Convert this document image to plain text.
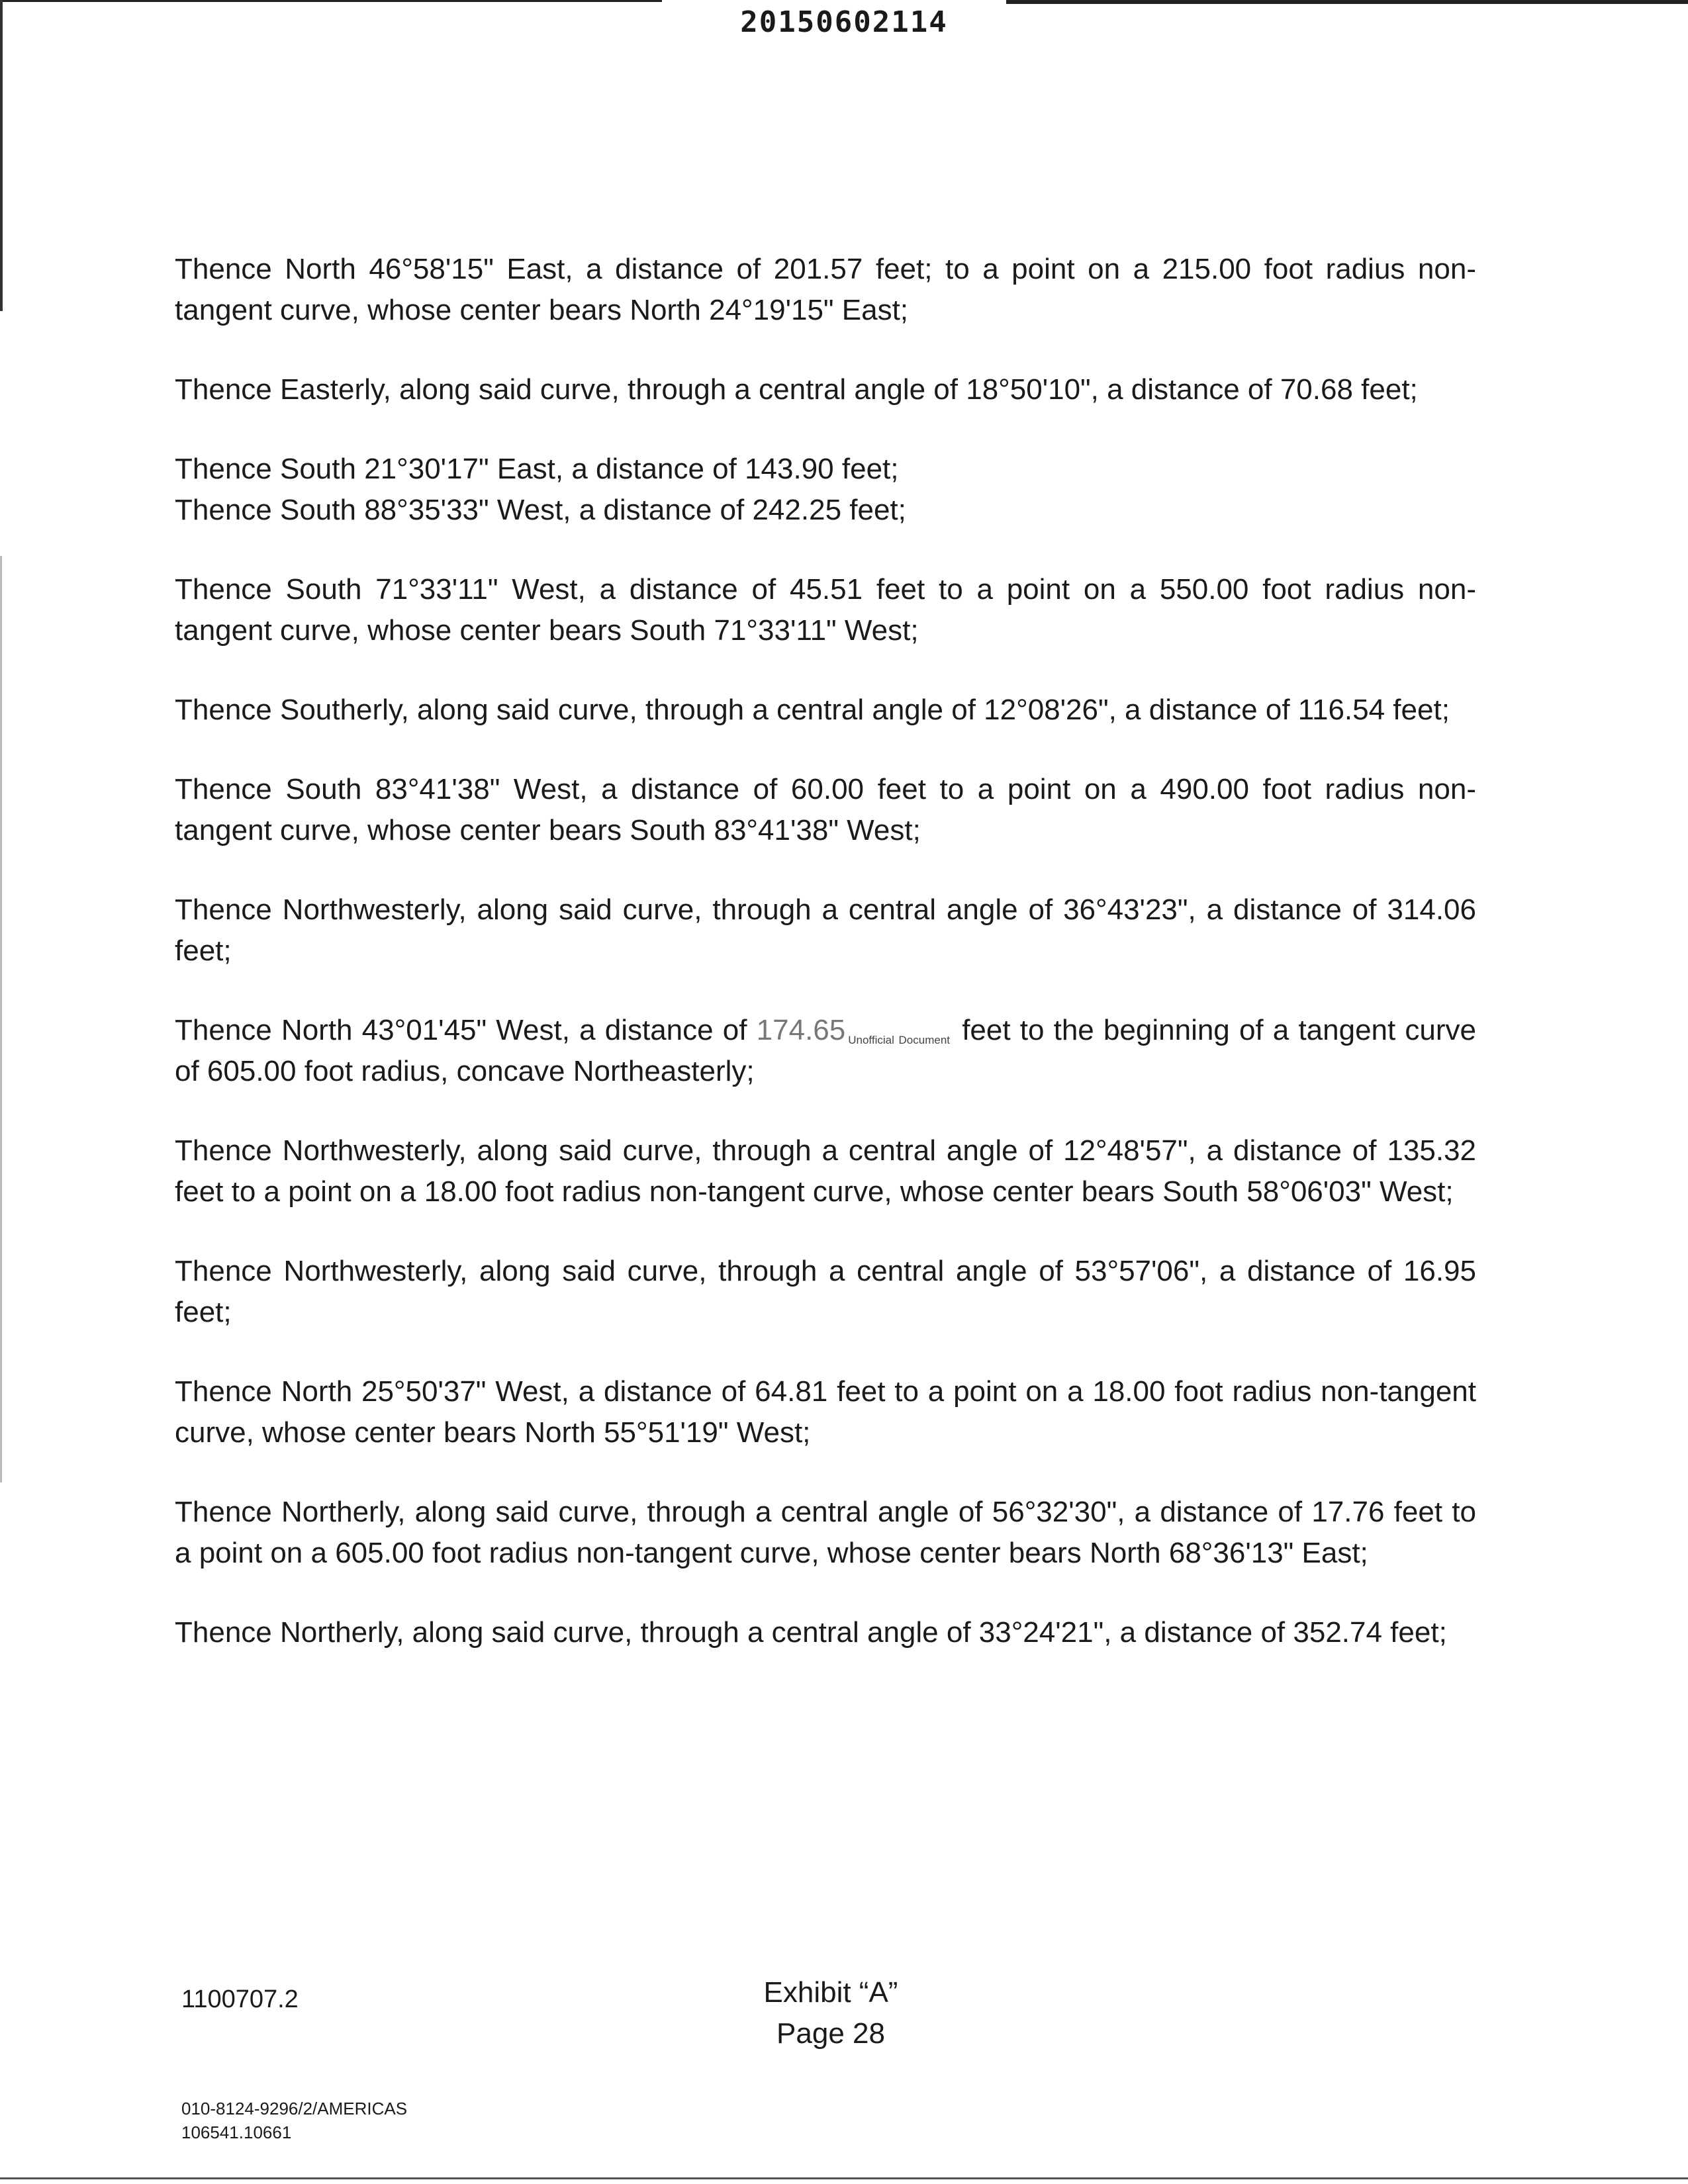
20150602114

Thence North 46°58'15" East, a distance of 201.57 feet; to a point on a 215.00 foot radius non-tangent curve, whose center bears North 24°19'15" East;

Thence Easterly, along said curve, through a central angle of 18°50'10", a distance of 70.68 feet;

Thence South 21°30'17" East, a distance of 143.90 feet;

Thence South 88°35'33" West, a distance of 242.25 feet;

Thence South 71°33'11" West, a distance of 45.51 feet to a point on a 550.00 foot radius non-tangent curve, whose center bears South 71°33'11" West;

Thence Southerly, along said curve, through a central angle of 12°08'26", a distance of 116.54 feet;

Thence South 83°41'38" West, a distance of 60.00 feet to a point on a 490.00 foot radius non-tangent curve, whose center bears South 83°41'38" West;

Thence Northwesterly, along said curve, through a central angle of 36°43'23", a distance of 314.06 feet;

Thence North 43°01'45" West, a distance of 174.65 Unofficial Document feet to the beginning of a tangent curve of 605.00 foot radius, concave Northeasterly;

Thence Northwesterly, along said curve, through a central angle of 12°48'57", a distance of 135.32 feet to a point on a 18.00 foot radius non-tangent curve, whose center bears South 58°06'03" West;

Thence Northwesterly, along said curve, through a central angle of 53°57'06", a distance of 16.95 feet;

Thence North 25°50'37" West, a distance of 64.81 feet to a point on a 18.00 foot radius non-tangent curve, whose center bears North 55°51'19" West;

Thence Northerly, along said curve, through a central angle of 56°32'30", a distance of 17.76 feet to a point on a 605.00 foot radius non-tangent curve, whose center bears North 68°36'13" East;

Thence Northerly, along said curve, through a central angle of 33°24'21", a distance of 352.74 feet;

1100707.2	Exhibit “A”
Page 28
010-8124-9296/2/AMERICAS
106541.10661
